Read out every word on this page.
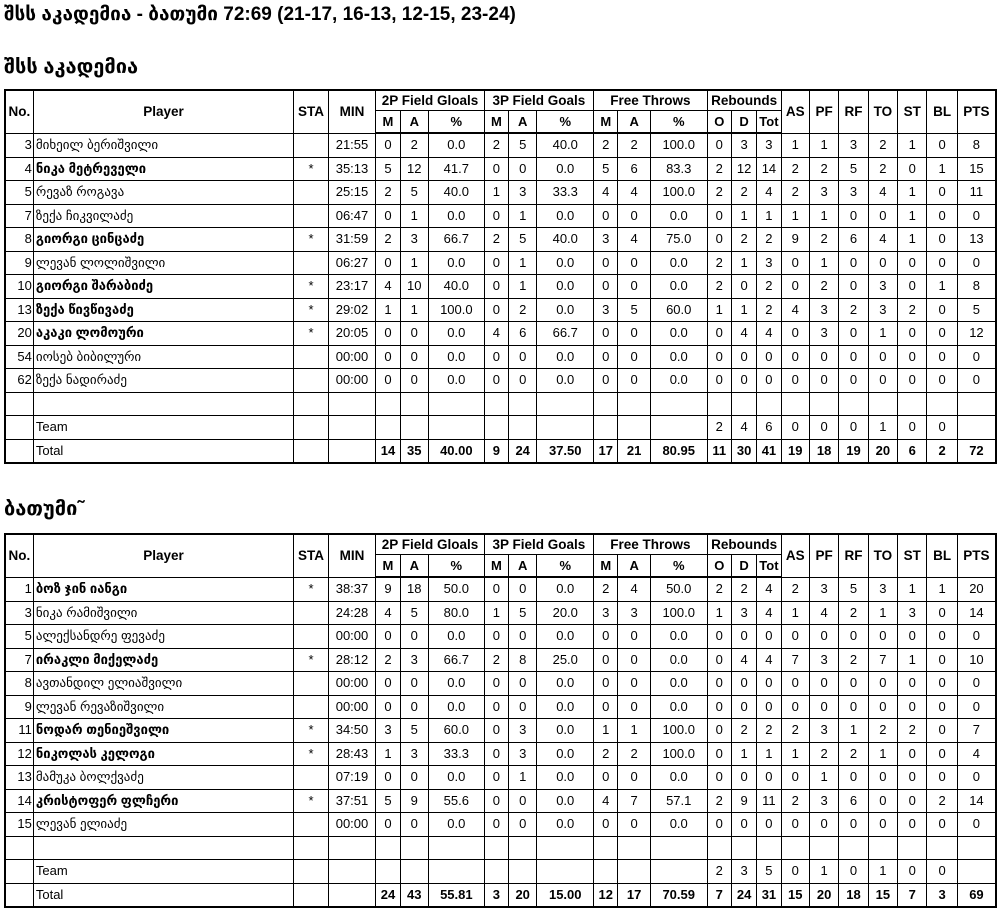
შსს აკადემია - ბათუმი 72:69 (21-17, 16-13, 12-15, 23-24)
შსს აკადემია
No.	Player	STA	MIN	2P Field Gloals			3P Field Goals			Free Throws			Rebounds			AS	PF	RF	TO	ST	BL	PTS
				M	A	%	M	A	%	M	A	%	O	D	Tot							
3	მიხეილ ბერიშვილი		21:55	0	2	0.0	2	5	40.0	2	2	100.0	0	3	3	1	1	3	2	1	0	8
4	ნიკა მეტრეველი	*	35:13	5	12	41.7	0	0	0.0	5	6	83.3	2	12	14	2	2	5	2	0	1	15
5	რევაზ როგავა		25:15	2	5	40.0	1	3	33.3	4	4	100.0	2	2	4	2	3	3	4	1	0	11
7	ზექა ჩიკვილაძე		06:47	0	1	0.0	0	1	0.0	0	0	0.0	0	1	1	1	1	0	0	1	0	0
8	გიორგი ცინცაძე	*	31:59	2	3	66.7	2	5	40.0	3	4	75.0	0	2	2	9	2	6	4	1	0	13
9	ლევან ლოლიშვილი		06:27	0	1	0.0	0	1	0.0	0	0	0.0	2	1	3	0	1	0	0	0	0	0
10	გიორგი შარაბიძე	*	23:17	4	10	40.0	0	1	0.0	0	0	0.0	2	0	2	0	2	0	3	0	1	8
13	ზექა წივწივაძე	*	29:02	1	1	100.0	0	2	0.0	3	5	60.0	1	1	2	4	3	2	3	2	0	5
20	აკაკი ლომოური	*	20:05	0	0	0.0	4	6	66.7	0	0	0.0	0	4	4	0	3	0	1	0	0	12
54	იოსებ ბიბილური		00:00	0	0	0.0	0	0	0.0	0	0	0.0	0	0	0	0	0	0	0	0	0	0
62	ზექა ნადირაძე		00:00	0	0	0.0	0	0	0.0	0	0	0.0	0	0	0	0	0	0	0	0	0	0

	Team												2	4	6	0	0	0	1	0	0	
	Total			14	35	40.00	9	24	37.50	17	21	80.95	11	30	41	19	18	19	20	6	2	72
ბათუმი˜
No.	Player	STA	MIN	2P Field Gloals			3P Field Goals			Free Throws			Rebounds			AS	PF	RF	TO	ST	BL	PTS
				M	A	%	M	A	%	M	A	%	O	D	Tot							
1	ბოზ ჯინ იანგი	*	38:37	9	18	50.0	0	0	0.0	2	4	50.0	2	2	4	2	3	5	3	1	1	20
3	ნიკა რამიშვილი		24:28	4	5	80.0	1	5	20.0	3	3	100.0	1	3	4	1	4	2	1	3	0	14
5	ალექსანდრე ფევაძე		00:00	0	0	0.0	0	0	0.0	0	0	0.0	0	0	0	0	0	0	0	0	0	0
7	ირაკლი მიქელაძე	*	28:12	2	3	66.7	2	8	25.0	0	0	0.0	0	4	4	7	3	2	7	1	0	10
8	ავთანდილ ელიაშვილი		00:00	0	0	0.0	0	0	0.0	0	0	0.0	0	0	0	0	0	0	0	0	0	0
9	ლევან რევაზიშვილი		00:00	0	0	0.0	0	0	0.0	0	0	0.0	0	0	0	0	0	0	0	0	0	0
11	ნოდარ თენიეშვილი	*	34:50	3	5	60.0	0	3	0.0	1	1	100.0	0	2	2	2	3	1	2	2	0	7
12	ნიკოლას კელოგი	*	28:43	1	3	33.3	0	3	0.0	2	2	100.0	0	1	1	1	2	2	1	0	0	4
13	მამუკა ბოლქვაძე		07:19	0	0	0.0	0	1	0.0	0	0	0.0	0	0	0	0	1	0	0	0	0	0
14	კრისტოფერ ფლჩერი	*	37:51	5	9	55.6	0	0	0.0	4	7	57.1	2	9	11	2	3	6	0	0	2	14
15	ლევან ელიაძე		00:00	0	0	0.0	0	0	0.0	0	0	0.0	0	0	0	0	0	0	0	0	0	0

	Team												2	3	5	0	1	0	1	0	0	
	Total			24	43	55.81	3	20	15.00	12	17	70.59	7	24	31	15	20	18	15	7	3	69
